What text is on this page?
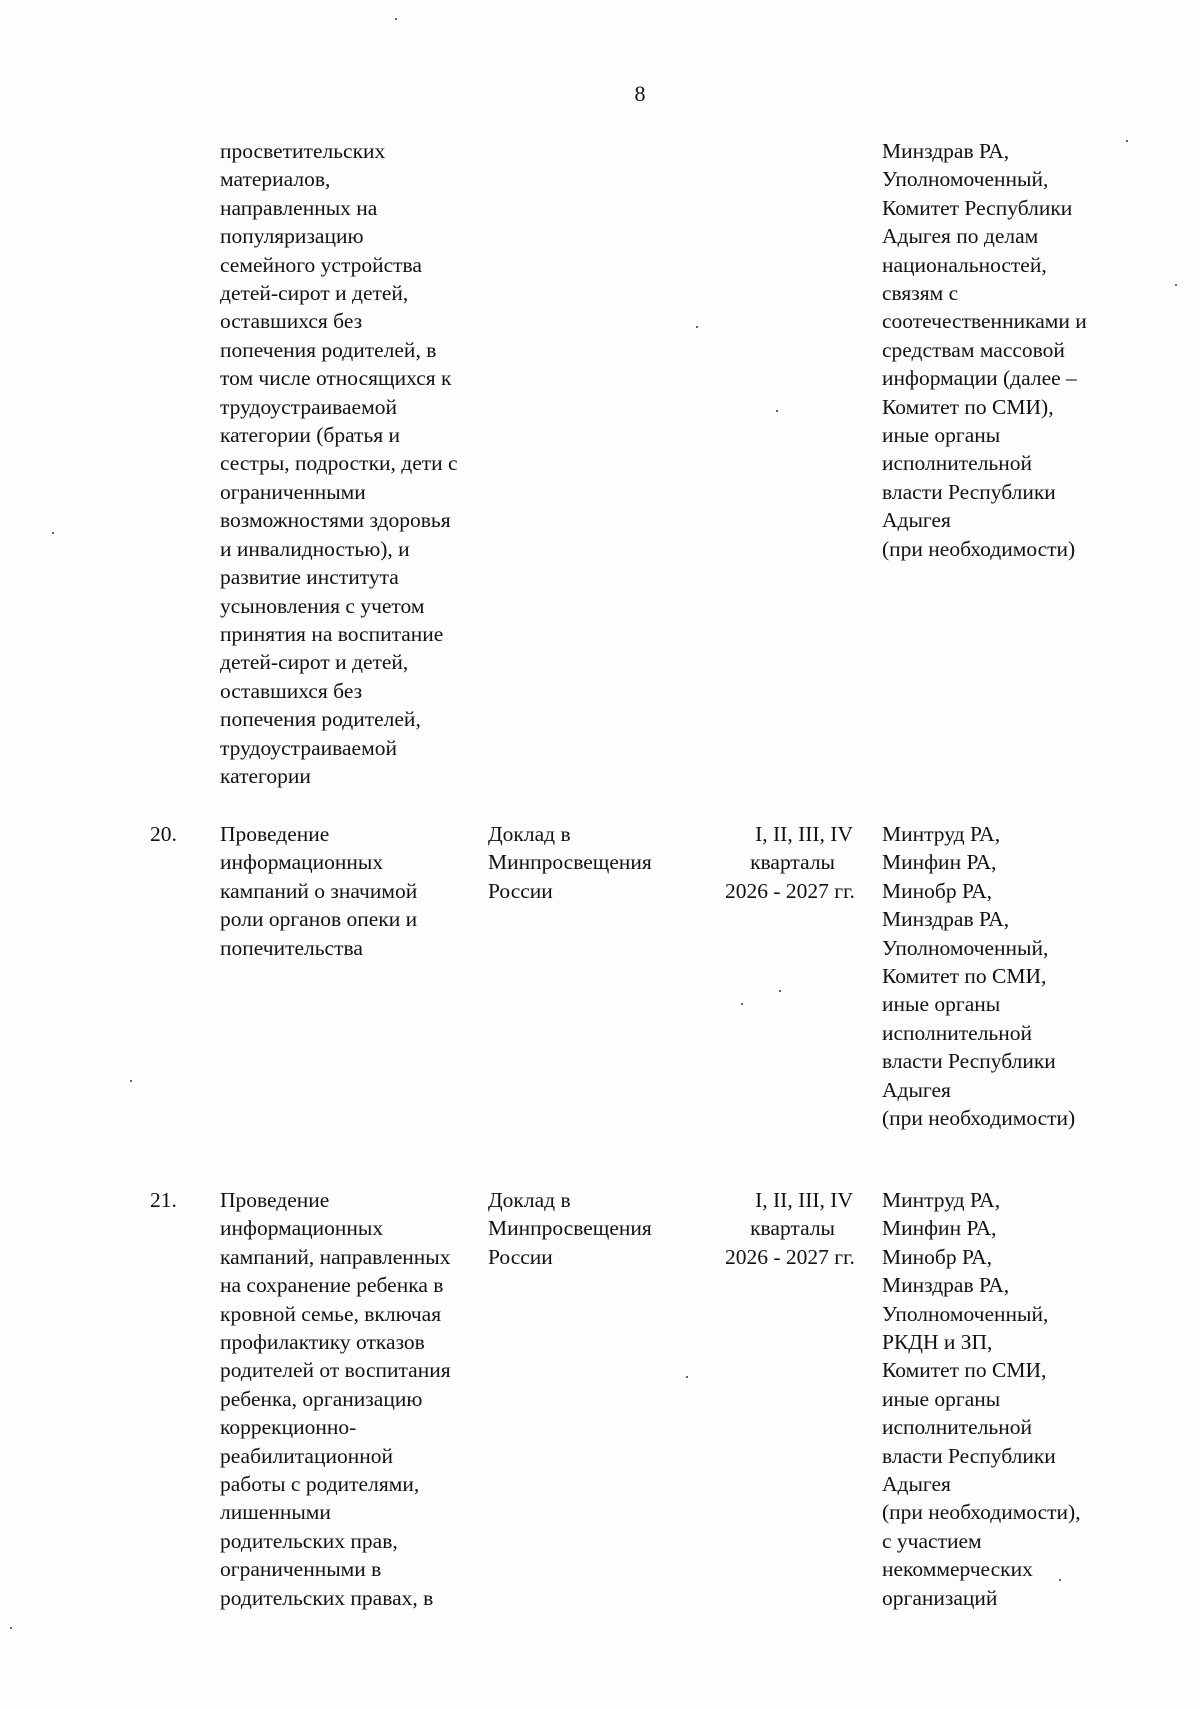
8
просветительских
материалов,
направленных на
популяризацию
семейного устройства
детей-сирот и детей,
оставшихся без
попечения родителей, в
том числе относящихся к
трудоустраиваемой
категории (братья и
сестры, подростки, дети с
ограниченными
возможностями здоровья
и инвалидностью), и
развитие института
усыновления с учетом
принятия на воспитание
детей-сирот и детей,
оставшихся без
попечения родителей,
трудоустраиваемой
категории
Минздрав РА,
Уполномоченный,
Комитет Республики
Адыгея по делам
национальностей,
связям с
соотечественниками и
средствам массовой
информации (далее –
Комитет по СМИ),
иные органы
исполнительной
власти Республики
Адыгея
(при необходимости)
20. Проведение
информационных
кампаний о значимой
роли органов опеки и
попечительства
Доклад в
Минпросвещения
России
I, II, III, IV
кварталы
2026 - 2027 гг.
Минтруд РА,
Минфин РА,
Минобр РА,
Минздрав РА,
Уполномоченный,
Комитет по СМИ,
иные органы
исполнительной
власти Республики
Адыгея
(при необходимости)
21. Проведение
информационных
кампаний, направленных
на сохранение ребенка в
кровной семье, включая
профилактику отказов
родителей от воспитания
ребенка, организацию
коррекционно-
реабилитационной
работы с родителями,
лишенными
родительских прав,
ограниченными в
родительских правах, в
Доклад в
Минпросвещения
России
I, II, III, IV
кварталы
2026 - 2027 гг.
Минтруд РА,
Минфин РА,
Минобр РА,
Минздрав РА,
Уполномоченный,
РКДН и ЗП,
Комитет по СМИ,
иные органы
исполнительной
власти Республики
Адыгея
(при необходимости),
с участием
некоммерческих
организаций
